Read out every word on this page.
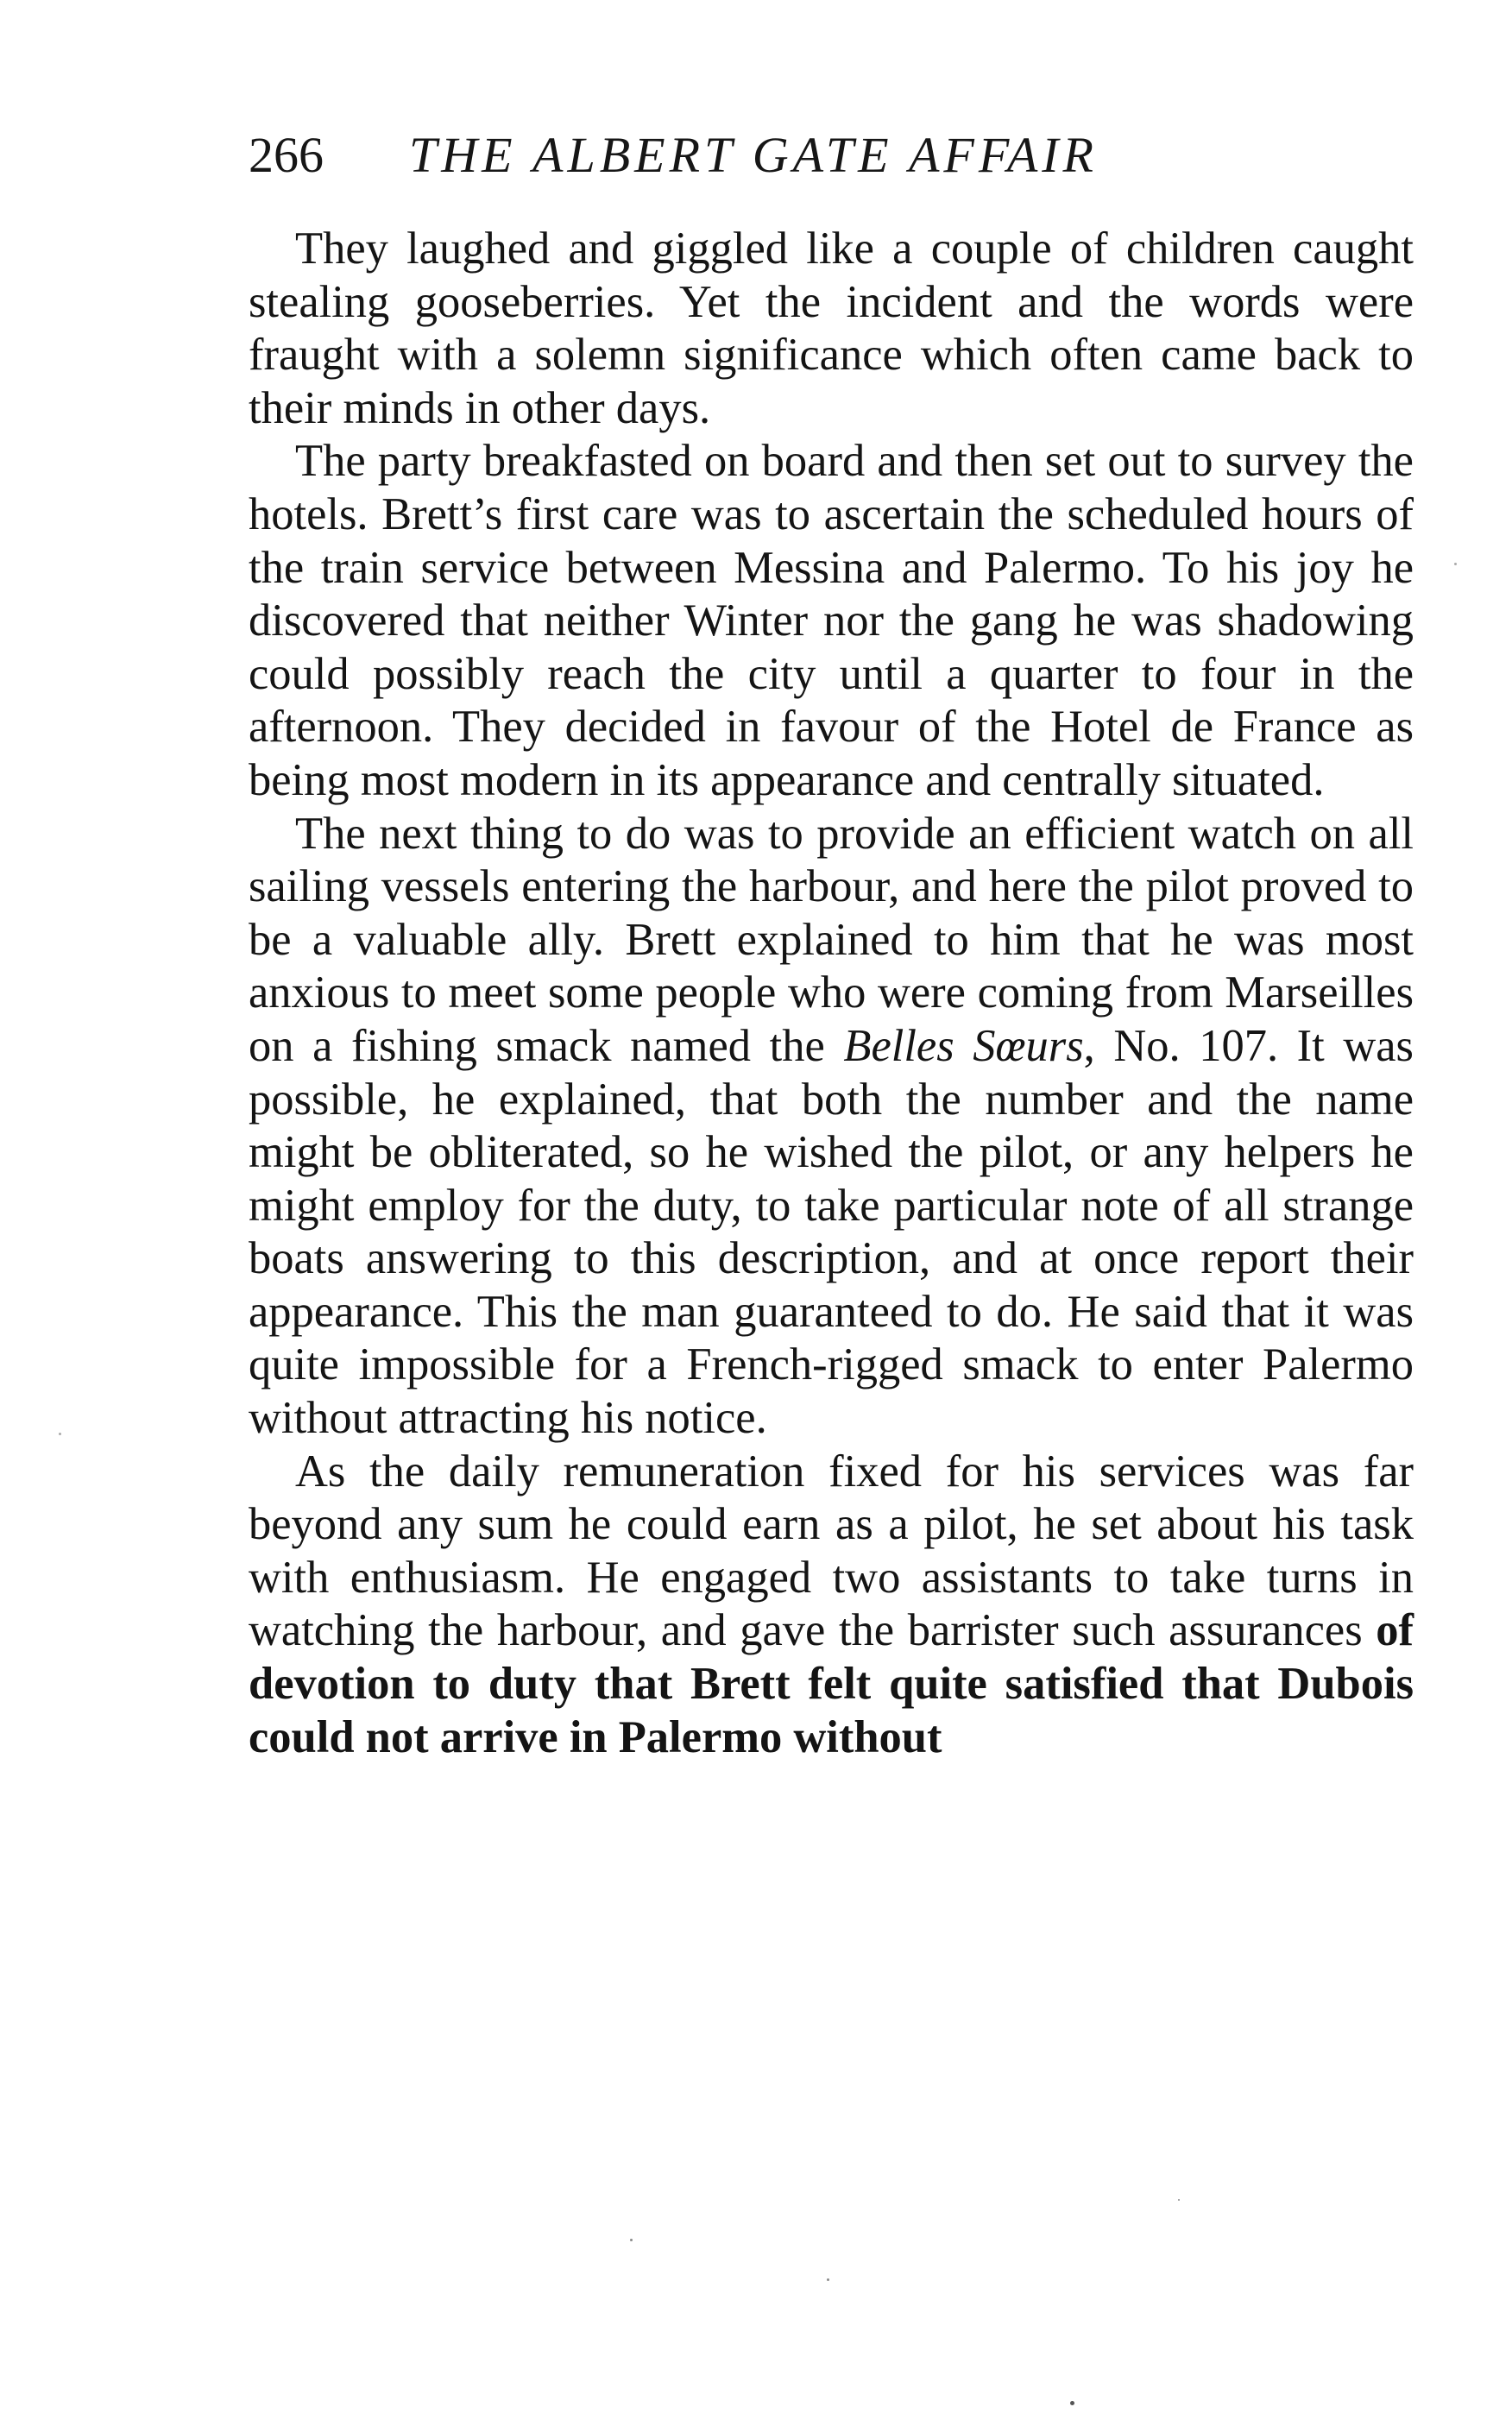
266 THE ALBERT GATE AFFAIR

They laughed and giggled like a couple of children caught stealing gooseberries. Yet the incident and the words were fraught with a solemn significance which often came back to their minds in other days.

The party breakfasted on board and then set out to survey the hotels. Brett’s first care was to ascertain the scheduled hours of the train service between Messina and Palermo. To his joy he discovered that neither Winter nor the gang he was shadowing could possibly reach the city until a quarter to four in the afternoon. They decided in favour of the Hotel de France as being most modern in its appearance and centrally situated.

The next thing to do was to provide an efficient watch on all sailing vessels entering the harbour, and here the pilot proved to be a valuable ally. Brett explained to him that he was most anxious to meet some people who were coming from Marseilles on a fishing smack named the Belles Sœurs, No. 107. It was possible, he explained, that both the number and the name might be obliterated, so he wished the pilot, or any helpers he might employ for the duty, to take particular note of all strange boats answering to this description, and at once report their appearance. This the man guaranteed to do. He said that it was quite impossible for a French-rigged smack to enter Palermo without attracting his notice.

As the daily remuneration fixed for his services was far beyond any sum he could earn as a pilot, he set about his task with enthusiasm. He engaged two assistants to take turns in watching the harbour, and gave the barrister such assurances of devotion to duty that Brett felt quite satisfied that Dubois could not arrive in Palermo without
